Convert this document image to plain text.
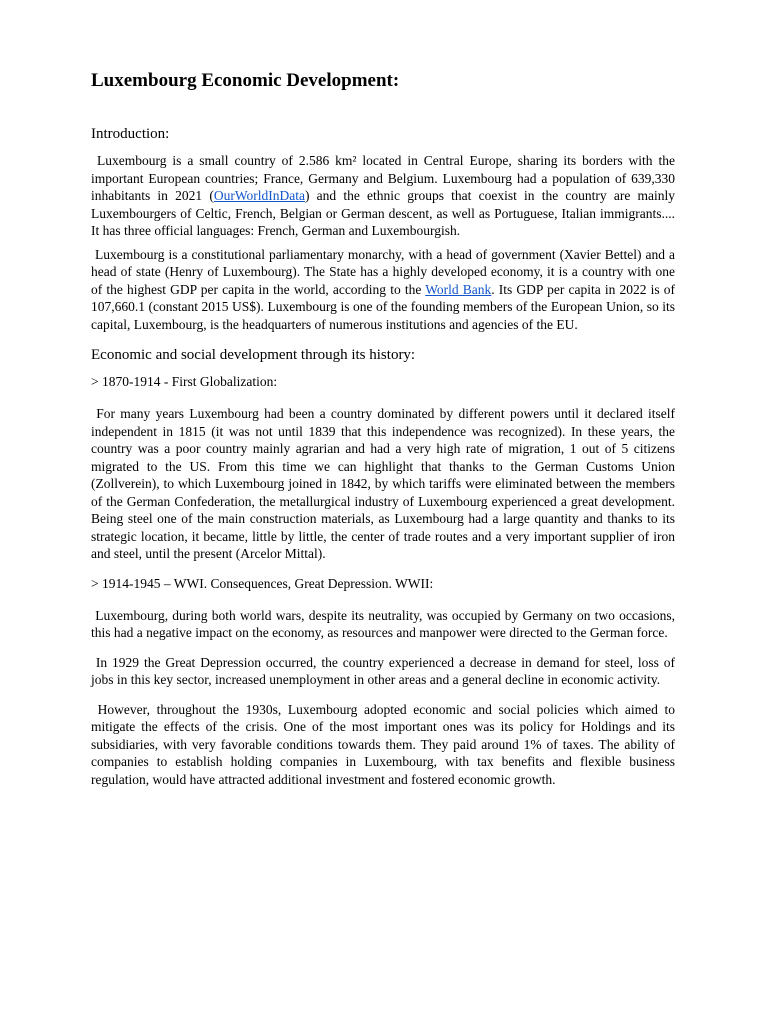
Luxembourg Economic Development:
Introduction:

Luxembourg is a small country of 2.586 km² located in Central Europe, sharing its borders with the important European countries; France, Germany and Belgium. Luxembourg had a population of 639,330 inhabitants in 2021 (OurWorldInData) and the ethnic groups that coexist in the country are mainly Luxembourgers of Celtic, French, Belgian or German descent, as well as Portuguese, Italian immigrants.... It has three official languages: French, German and Luxembourgish.

Luxembourg is a constitutional parliamentary monarchy, with a head of government (Xavier Bettel) and a head of state (Henry of Luxembourg). The State has a highly developed economy, it is a country with one of the highest GDP per capita in the world, according to the World Bank. Its GDP per capita in 2022 is of 107,660.1 (constant 2015 US$). Luxembourg is one of the founding members of the European Union, so its capital, Luxembourg, is the headquarters of numerous institutions and agencies of the EU.

Economic and social development through its history:
> 1870-1914 - First Globalization:

For many years Luxembourg had been a country dominated by different powers until it declared itself independent in 1815 (it was not until 1839 that this independence was recognized). In these years, the country was a poor country mainly agrarian and had a very high rate of migration, 1 out of 5 citizens migrated to the US. From this time we can highlight that thanks to the German Customs Union (Zollverein), to which Luxembourg joined in 1842, by which tariffs were eliminated between the members of the German Confederation, the metallurgical industry of Luxembourg experienced a great development. Being steel one of the main construction materials, as Luxembourg had a large quantity and thanks to its strategic location, it became, little by little, the center of trade routes and a very important supplier of iron and steel, until the present (Arcelor Mittal).

> 1914-1945 – WWI. Consequences, Great Depression. WWII:

Luxembourg, during both world wars, despite its neutrality, was occupied by Germany on two occasions, this had a negative impact on the economy, as resources and manpower were directed to the German force.

In 1929 the Great Depression occurred, the country experienced a decrease in demand for steel, loss of jobs in this key sector, increased unemployment in other areas and a general decline in economic activity.

However, throughout the 1930s, Luxembourg adopted economic and social policies which aimed to mitigate the effects of the crisis. One of the most important ones was its policy for Holdings and its subsidiaries, with very favorable conditions towards them. They paid around 1% of taxes. The ability of companies to establish holding companies in Luxembourg, with tax benefits and flexible business regulation, would have attracted additional investment and fostered economic growth.
